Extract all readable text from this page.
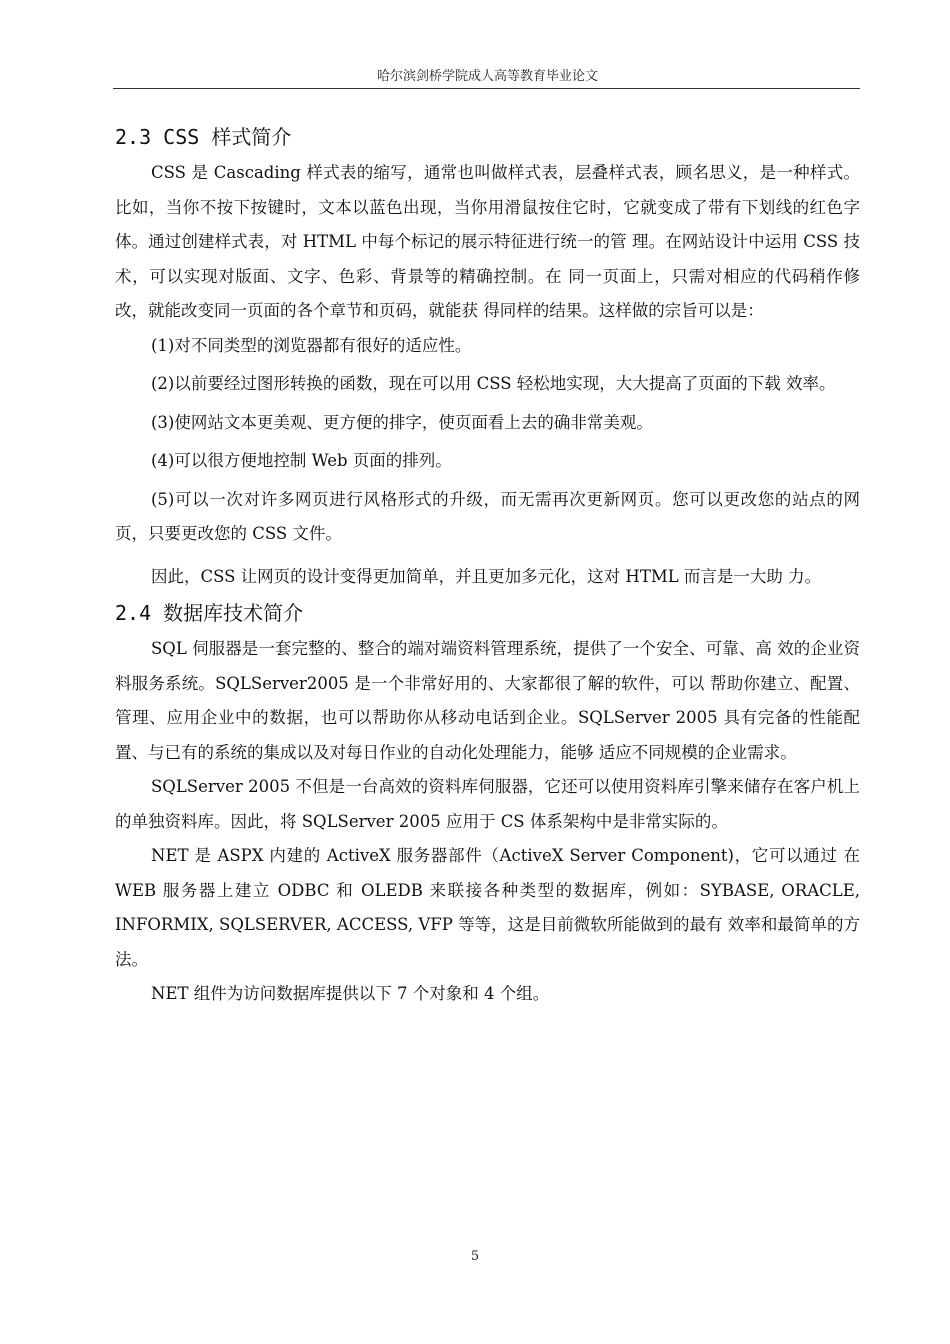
哈尔滨剑桥学院成人高等教育毕业论文
2.3 CSS 样式简介

CSS 是 Cascading 样式表的缩写，通常也叫做样式表，层叠样式表，顾名思义，是一种样式。比如，当你不按下按键时，文本以蓝色出现，当你用滑鼠按住它时，它就变成了带有下划线的红色字体。通过创建样式表，对 HTML 中每个标记的展示特征进行统一的管 理。在网站设计中运用 CSS 技术，可以实现对版面、文字、色彩、背景等的精确控制。在 同一页面上，只需对相应的代码稍作修改，就能改变同一页面的各个章节和页码，就能获 得同样的结果。这样做的宗旨可以是：

(1)对不同类型的浏览器都有很好的适应性。

(2)以前要经过图形转换的函数，现在可以用 CSS 轻松地实现，大大提高了页面的下载 效率。

(3)使网站文本更美观、更方便的排字，使页面看上去的确非常美观。

(4)可以很方便地控制 Web 页面的排列。

(5)可以一次对许多网页进行风格形式的升级，而无需再次更新网页。您可以更改您的站点的网页，只要更改您的 CSS 文件。

因此，CSS 让网页的设计变得更加简单，并且更加多元化，这对 HTML 而言是一大助 力。

2.4 数据库技术简介

SQL 伺服器是一套完整的、整合的端对端资料管理系统，提供了一个安全、可靠、高 效的企业资料服务系统。SQLServer2005 是一个非常好用的、大家都很了解的软件，可以 帮助你建立、配置、管理、应用企业中的数据，也可以帮助你从移动电话到企业。SQLServer 2005 具有完备的性能配置、与已有的系统的集成以及对每日作业的自动化处理能力，能够 适应不同规模的企业需求。

SQLServer 2005 不但是一台高效的资料库伺服器，它还可以使用资料库引擎来储存在客户机上的单独资料库。因此，将 SQLServer 2005 应用于 CS 体系架构中是非常实际的。

NET 是 ASPX 内建的 ActiveX 服务器部件（ActiveX Server Component)，它可以通过 在 WEB 服务器上建立 ODBC 和 OLEDB 来联接各种类型的数据库，例如：SYBASE, ORACLE, INFORMIX, SQLSERVER, ACCESS, VFP 等等，这是目前微软所能做到的最有 效率和最简单的方法。

NET 组件为访问数据库提供以下 7 个对象和 4 个组。

5
